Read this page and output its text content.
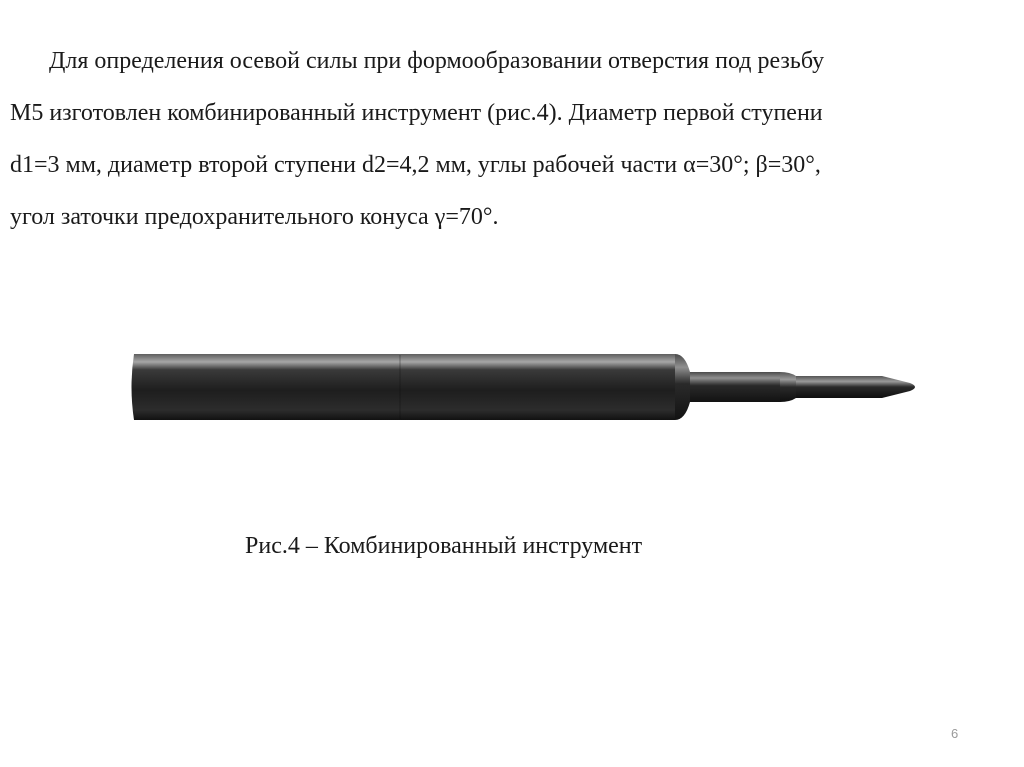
Для определения осевой силы при формообразовании отверстия под резьбу
М5 изготовлен комбинированный инструмент (рис.4). Диаметр первой ступени
d1=3 мм, диаметр второй ступени d2=4,2 мм, углы рабочей части α=30°; β=30°,
угол заточки предохранительного конуса γ=70°.
Рис.4 – Комбинированный инструмент
6
